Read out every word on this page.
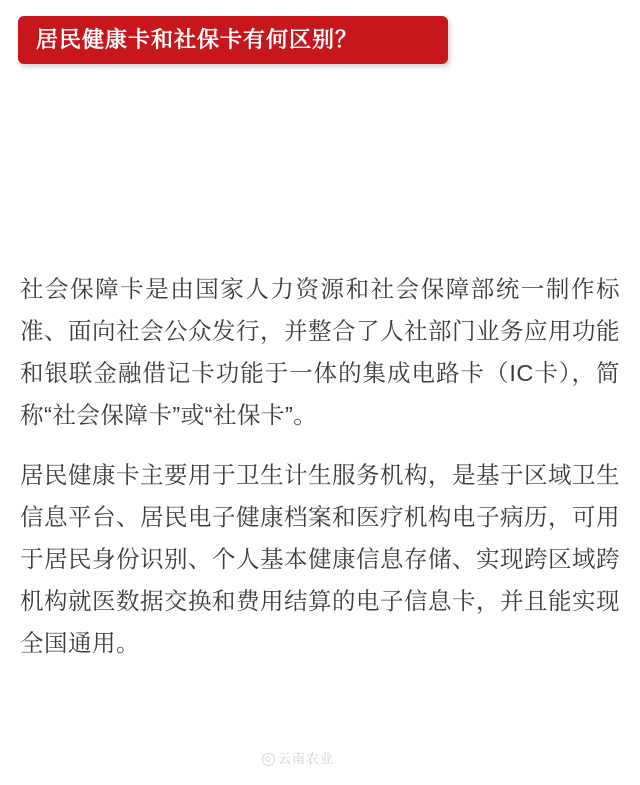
居民健康卡和社保卡有何区别？

社会保障卡是由国家人力资源和社会保障部统一制作标准、面向社会公众发行，并整合了人社部门业务应用功能和银联金融借记卡功能于一体的集成电路卡（IC卡），简称“社会保障卡”或“社保卡”。

居民健康卡主要用于卫生计生服务机构，是基于区域卫生信息平台、居民电子健康档案和医疗机构电子病历，可用于居民身份识别、个人基本健康信息存储、实现跨区域跨机构就医数据交换和费用结算的电子信息卡，并且能实现全国通用。

© 云南农业
